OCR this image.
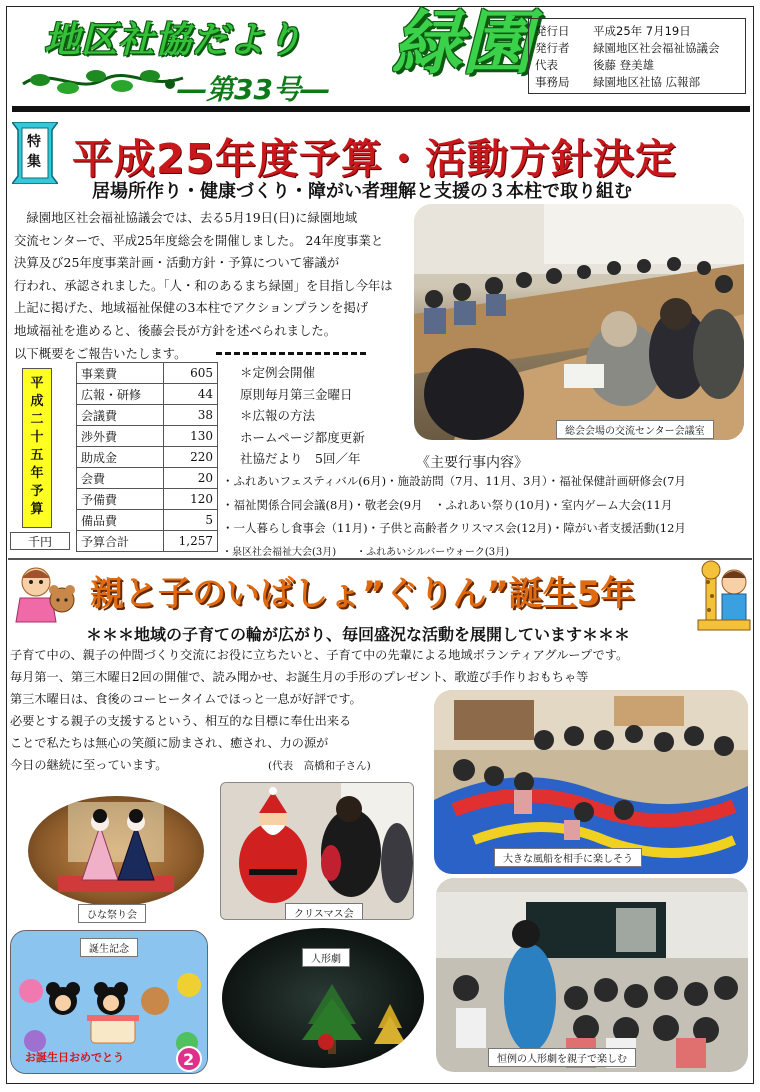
地区社協だより
―第33号―
緑園 発行日	平成25年 7月19日
発行者	緑園地区社会福祉協議会
代表	後藤 登美雄
事務局	緑園地区社協 広報部
特集 平成25年度予算・活動方針決定
居場所作り・健康づくり・障がい者理解と支援の３本柱で取り組む
　緑園地区社会福祉協議会では、去る5月19日(日)に緑園地域
交流センターで、平成25年度総会を開催しました。 24年度事業と
決算及び25年度事業計画・活動方針・予算について審議が
行われ、承認されました。「人・和のあるまち緑園」を目指し今年は
上記に掲げた、地域福祉保健の3本柱でアクションプランを掲げ
地域福祉を進めると、後藤会長が方針を述べられました。
以下概要をご報告いたします。
総会会場の交流センター会議室
平成二十五年予算
千円
事業費	605
広報・研修	44
会議費	38
渉外費	130
助成金	220
会費	20
予備費	120
備品費	5
予算合計	1,257
＊定例会開催
原則毎月第三金曜日
＊広報の方法
ホームページ都度更新
社協だより　5回／年	《主要行事内容》
・ふれあいフェスティバル(6月)・施設訪問（7月、11月、3月）・福祉保健計画研修会(7月
・福祉関係合同会議(8月)・敬老会(9月　・ふれあい祭り(10月)・室内ゲーム大会(11月
・一人暮らし食事会（11月)・子供と高齢者クリスマス会(12月)・障がい者支援活動(12月
・泉区社会福祉大会(3月)　　・ふれあいシルバーウォーク(3月)
親と子のいばしょ”ぐりん”誕生5年
＊＊＊地域の子育ての輪が広がり、毎回盛況な活動を展開しています＊＊＊
子育て中の、親子の仲間づくり交流にお役に立ちたいと、子育て中の先輩による地域ボランティアグループです。
毎月第一、第三木曜日2回の開催で、読み聞かせ、お誕生月の手形のプレゼント、歌遊び手作りおもちゃ等
第三木曜日は、食後のコーヒータイムでほっと一息が好評です。
必要とする親子の支援するという、相互的な目標に奉仕出来る
ことで私たちは無心の笑顔に励まされ、癒され、力の源が
今日の継続に至っています。	(代表　高橋和子さん)
大きな風船を相手に楽しそう
ひな祭り会	クリスマス会
人形劇
2
お誕生日おめでとう
誕生記念
恒例の人形劇を親子で楽しむ
